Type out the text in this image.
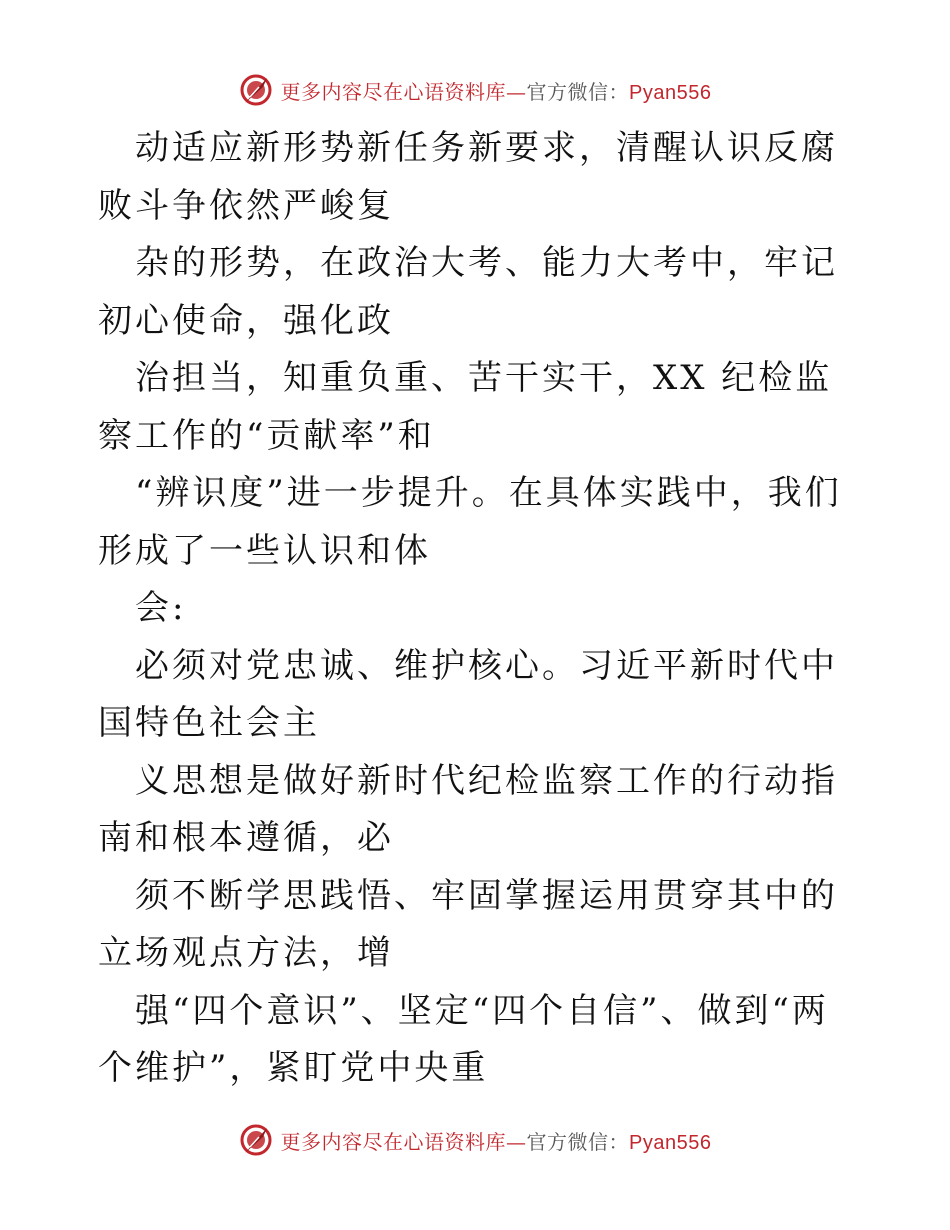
更多内容尽在心语资料库—官方微信：Pyan556

动适应新形势新任务新要求，清醒认识反腐败斗争依然严峻复

杂的形势，在政治大考、能力大考中，牢记初心使命，强化政

治担当，知重负重、苦干实干，XX 纪检监察工作的“贡献率”和

“辨识度”进一步提升。在具体实践中，我们形成了一些认识和体

会:

必须对党忠诚、维护核心。习近平新时代中国特色社会主

义思想是做好新时代纪检监察工作的行动指南和根本遵循，必

须不断学思践悟、牢固掌握运用贯穿其中的立场观点方法，增

强“四个意识”、坚定“四个自信”、做到“两个维护”，紧盯党中央重

更多内容尽在心语资料库—官方微信：Pyan556
